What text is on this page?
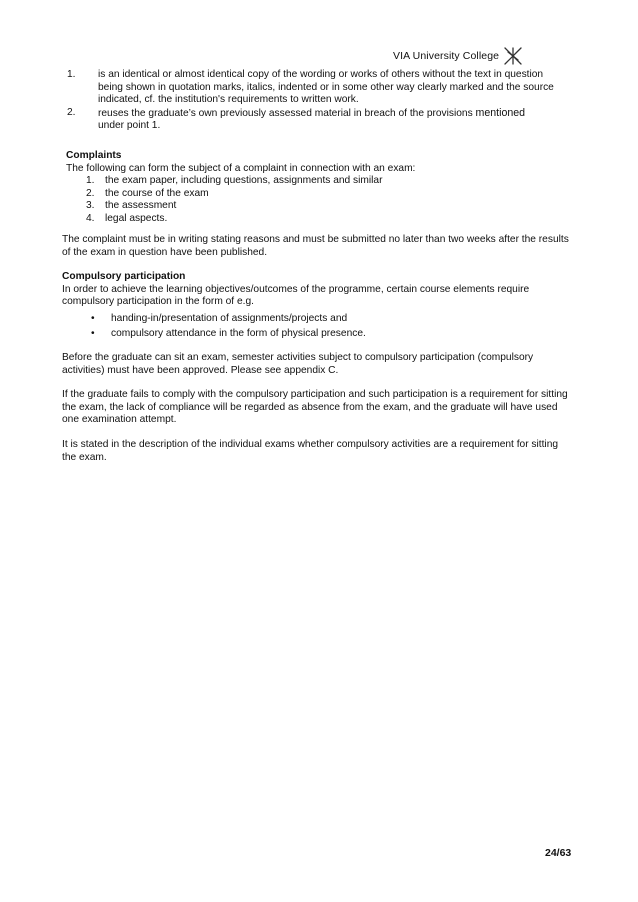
VIA University College
1. is an identical or almost identical copy of the wording or works of others without the text in question being shown in quotation marks, italics, indented or in some other way clearly marked and the source indicated, cf. the institution's requirements to written work.
2. reuses the graduate’s own previously assessed material in breach of the provisions mentioned
under point 1.
Complaints
The following can form the subject of a complaint in connection with an exam:
1. the exam paper, including questions, assignments and similar
2. the course of the exam
3. the assessment
4. legal aspects.
The complaint must be in writing stating reasons and must be submitted no later than two weeks after the results of the exam in question have been published.
Compulsory participation
In order to achieve the learning objectives/outcomes of the programme, certain course elements require compulsory participation in the form of e.g.
• handing-in/presentation of assignments/projects and
• compulsory attendance in the form of physical presence.
Before the graduate can sit an exam, semester activities subject to compulsory participation (compulsory activities) must have been approved. Please see appendix C.
If the graduate fails to comply with the compulsory participation and such participation is a requirement for sitting the exam, the lack of compliance will be regarded as absence from the exam, and the graduate will have used one examination attempt.
It is stated in the description of the individual exams whether compulsory activities are a requirement for sitting the exam.
24/63
